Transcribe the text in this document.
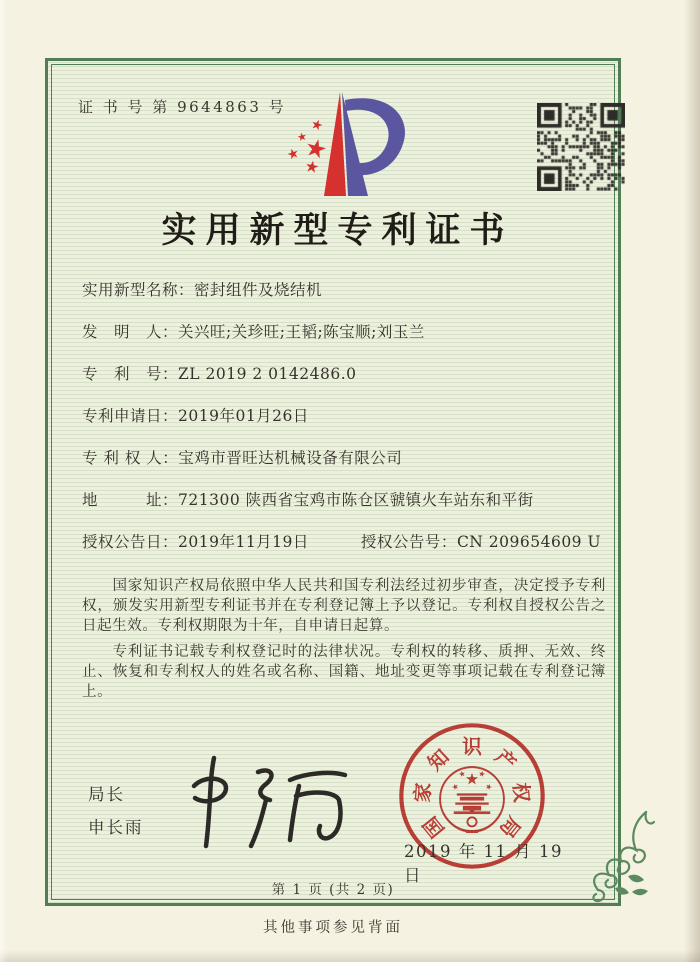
证 书 号 第 9644863 号
实用新型专利证书
实用新型名称：密封组件及烧结机
发　明　人：关兴旺;关珍旺;王韬;陈宝顺;刘玉兰
专　利　号：ZL 2019 2 0142486.0
专利申请日：2019年01月26日
专 利 权 人：宝鸡市晋旺达机械设备有限公司
地　　　址：721300 陕西省宝鸡市陈仓区虢镇火车站东和平街
授权公告日：2019年11月19日	授权公告号：CN 209654609 U

国家知识产权局依照中华人民共和国专利法经过初步审查，决定授予专利权，颁发实用新型专利证书并在专利登记簿上予以登记。专利权自授权公告之日起生效。专利权期限为十年，自申请日起算。

专利证书记载专利权登记时的法律状况。专利权的转移、质押、无效、终止、恢复和专利权人的姓名或名称、国籍、地址变更等事项记载在专利登记簿上。

局长
申长雨	国
家
知 识 产
权
局
2019 年 11 月 19 日
第 1 页 (共 2 页)
其他事项参见背面
